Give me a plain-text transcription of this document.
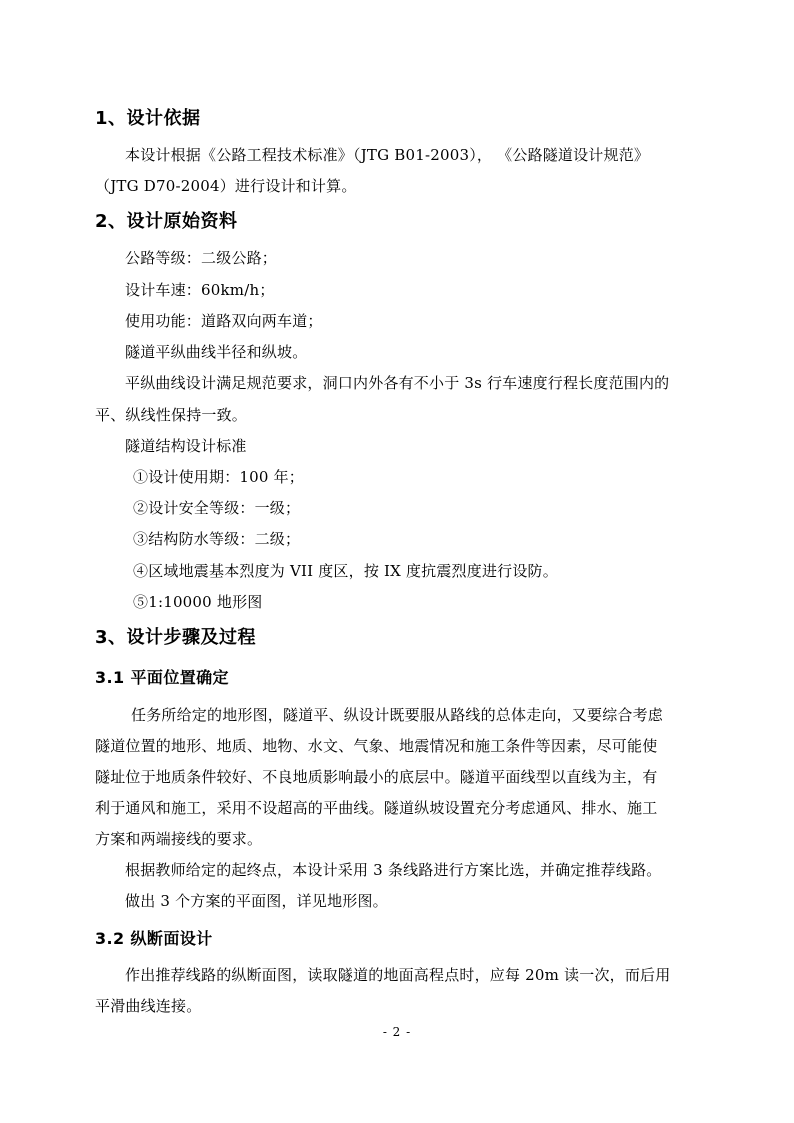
1、设计依据
本设计根据《公路工程技术标准》（JTG B01-2003）， 《公路隧道设计规范》
（JTG D70-2004）进行设计和计算。
2、设计原始资料
公路等级：二级公路；
设计车速：60km/h；
使用功能：道路双向两车道；
隧道平纵曲线半径和纵坡。
平纵曲线设计满足规范要求，洞口内外各有不小于 3s 行车速度行程长度范围内的
平、纵线性保持一致。
隧道结构设计标准
①设计使用期：100 年；
②设计安全等级：一级；
③结构防水等级：二级；
④区域地震基本烈度为 VII 度区，按 IX 度抗震烈度进行设防。
⑤1:10000 地形图
3、设计步骤及过程
3.1 平面位置确定
任务所给定的地形图，隧道平、纵设计既要服从路线的总体走向，又要综合考虑
隧道位置的地形、地质、地物、水文、气象、地震情况和施工条件等因素，尽可能使
隧址位于地质条件较好、不良地质影响最小的底层中。隧道平面线型以直线为主，有
利于通风和施工，采用不设超高的平曲线。隧道纵坡设置充分考虑通风、排水、施工
方案和两端接线的要求。
根据教师给定的起终点，本设计采用 3 条线路进行方案比选，并确定推荐线路。
做出 3 个方案的平面图，详见地形图。
3.2 纵断面设计
作出推荐线路的纵断面图，读取隧道的地面高程点时，应每 20m 读一次，而后用
平滑曲线连接。
- 2 -
